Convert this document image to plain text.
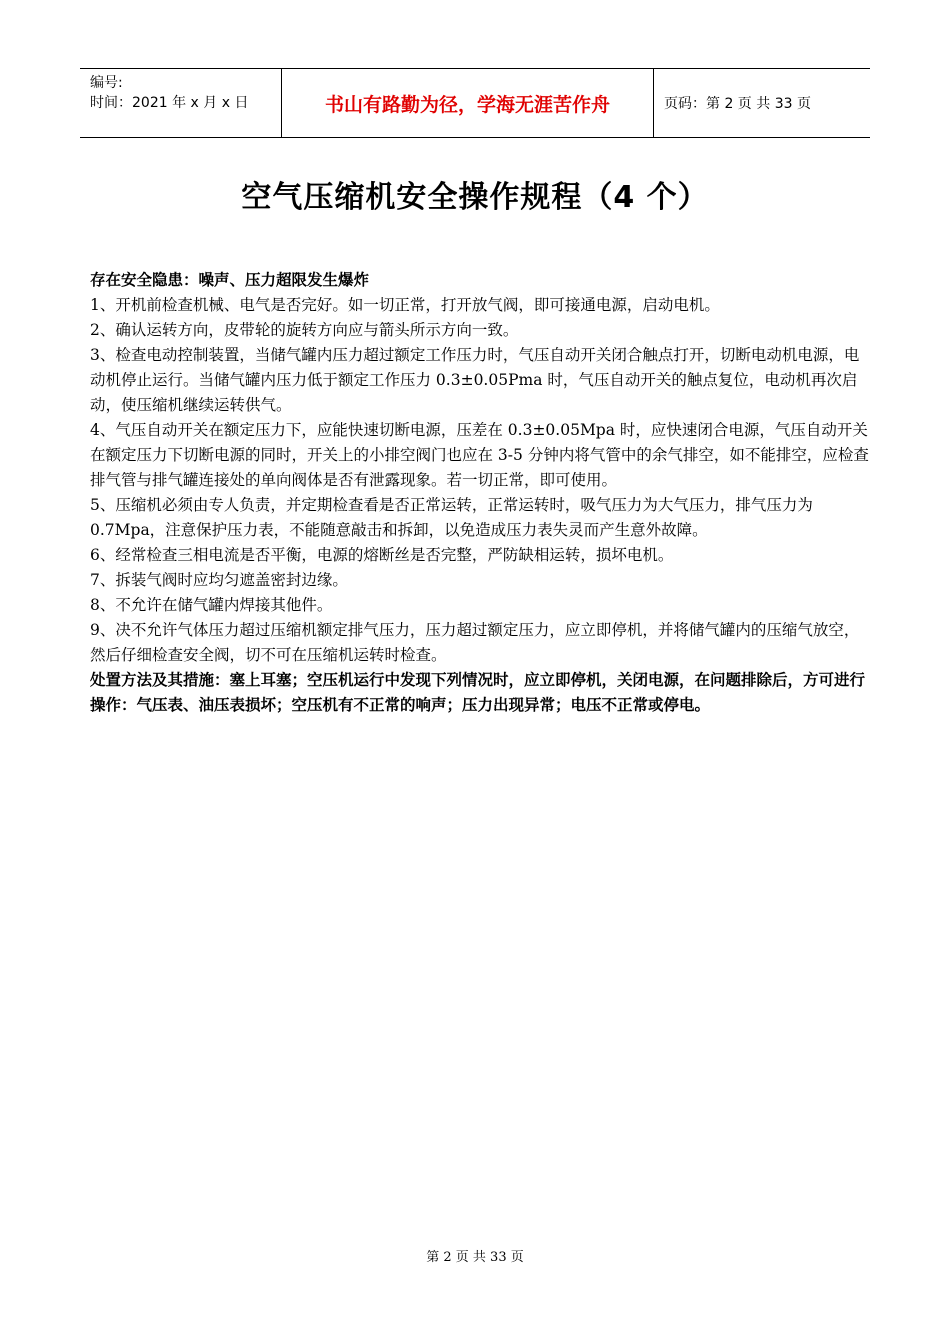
编号:
时间：2021 年 x 月 x 日	书山有路勤为径，学海无涯苦作舟	页码：第 2 页 共 33 页
空气压缩机安全操作规程（4 个）

存在安全隐患：噪声、压力超限发生爆炸

1、开机前检查机械、电气是否完好。如一切正常，打开放气阀，即可接通电源，启动电机。

2、确认运转方向，皮带轮的旋转方向应与箭头所示方向一致。

3、检查电动控制装置，当储气罐内压力超过额定工作压力时，气压自动开关闭合触点打开，切断电动机电源，电动机停止运行。当储气罐内压力低于额定工作压力 0.3±0.05Pma 时，气压自动开关的触点复位，电动机再次启动，使压缩机继续运转供气。

4、气压自动开关在额定压力下，应能快速切断电源，压差在 0.3±0.05Mpa 时，应快速闭合电源，气压自动开关在额定压力下切断电源的同时，开关上的小排空阀门也应在 3-5 分钟内将气管中的余气排空，如不能排空，应检查排气管与排气罐连接处的单向阀体是否有泄露现象。若一切正常，即可使用。

5、压缩机必须由专人负责，并定期检查看是否正常运转，正常运转时，吸气压力为大气压力，排气压力为 0.7Mpa，注意保护压力表，不能随意敲击和拆卸，以免造成压力表失灵而产生意外故障。

6、经常检查三相电流是否平衡，电源的熔断丝是否完整，严防缺相运转，损坏电机。

7、拆装气阀时应均匀遮盖密封边缘。

8、不允许在储气罐内焊接其他件。

9、决不允许气体压力超过压缩机额定排气压力，压力超过额定压力，应立即停机，并将储气罐内的压缩气放空，然后仔细检查安全阀，切不可在压缩机运转时检查。

处置方法及其措施：塞上耳塞；空压机运行中发现下列情况时，应立即停机，关闭电源，在问题排除后，方可进行操作：气压表、油压表损坏；空压机有不正常的响声；压力出现异常；电压不正常或停电。

第 2 页 共 33 页
